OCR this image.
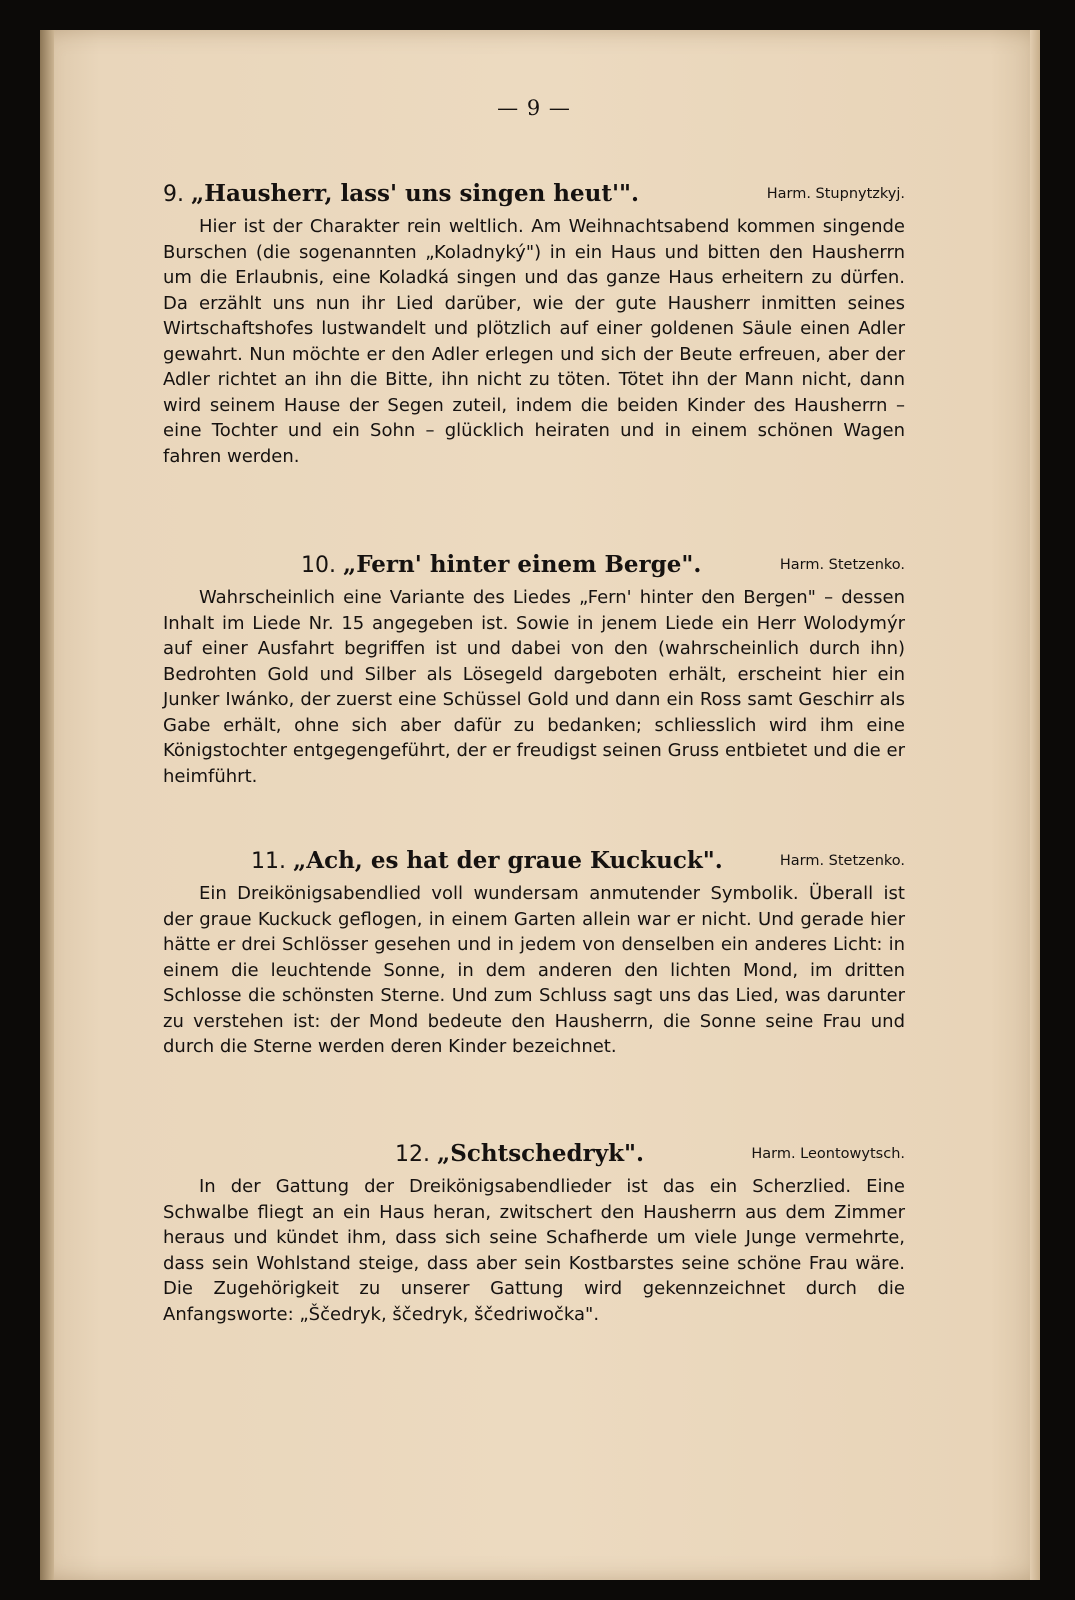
— 9 —
9. „Hausherr, lass' uns singen heut'".	Harm. Stupnytzkyj.

Hier ist der Charakter rein weltlich. Am Weihnachtsabend kommen singende Burschen (die sogenannten „Koladnyký") in ein Haus und bitten den Hausherrn um die Erlaubnis, eine Koladká singen und das ganze Haus erheitern zu dürfen. Da erzählt uns nun ihr Lied darüber, wie der gute Hausherr inmitten seines Wirtschaftshofes lustwandelt und plötzlich auf einer goldenen Säule einen Adler gewahrt. Nun möchte er den Adler erlegen und sich der Beute erfreuen, aber der Adler richtet an ihn die Bitte, ihn nicht zu töten. Tötet ihn der Mann nicht, dann wird seinem Hause der Segen zuteil, indem die beiden Kinder des Hausherrn – eine Tochter und ein Sohn – glücklich heiraten und in einem schönen Wagen fahren werden.

10. „Fern' hinter einem Berge".	Harm. Stetzenko.

Wahrscheinlich eine Variante des Liedes „Fern' hinter den Bergen" – dessen Inhalt im Liede Nr. 15 angegeben ist. Sowie in jenem Liede ein Herr Wolodymýr auf einer Ausfahrt begriffen ist und dabei von den (wahrscheinlich durch ihn) Bedrohten Gold und Silber als Lösegeld dargeboten erhält, erscheint hier ein Junker Iwánko, der zuerst eine Schüssel Gold und dann ein Ross samt Geschirr als Gabe erhält, ohne sich aber dafür zu bedanken; schliesslich wird ihm eine Königstochter entgegengeführt, der er freudigst seinen Gruss entbietet und die er heimführt.

11. „Ach, es hat der graue Kuckuck".	Harm. Stetzenko.

Ein Dreikönigsabendlied voll wundersam anmutender Symbolik. Überall ist der graue Kuckuck geflogen, in einem Garten allein war er nicht. Und gerade hier hätte er drei Schlösser gesehen und in jedem von denselben ein anderes Licht: in einem die leuchtende Sonne, in dem anderen den lichten Mond, im dritten Schlosse die schönsten Sterne. Und zum Schluss sagt uns das Lied, was darunter zu verstehen ist: der Mond bedeute den Hausherrn, die Sonne seine Frau und durch die Sterne werden deren Kinder bezeichnet.

12. „Schtschedryk".	Harm. Leontowytsch.

In der Gattung der Dreikönigsabendlieder ist das ein Scherzlied. Eine Schwalbe fliegt an ein Haus heran, zwitschert den Hausherrn aus dem Zimmer heraus und kündet ihm, dass sich seine Schafherde um viele Junge vermehrte, dass sein Wohlstand steige, dass aber sein Kostbarstes seine schöne Frau wäre. Die Zugehörigkeit zu unserer Gattung wird gekennzeichnet durch die Anfangsworte: „Ščedryk, ščedryk, ščedriwočka".
